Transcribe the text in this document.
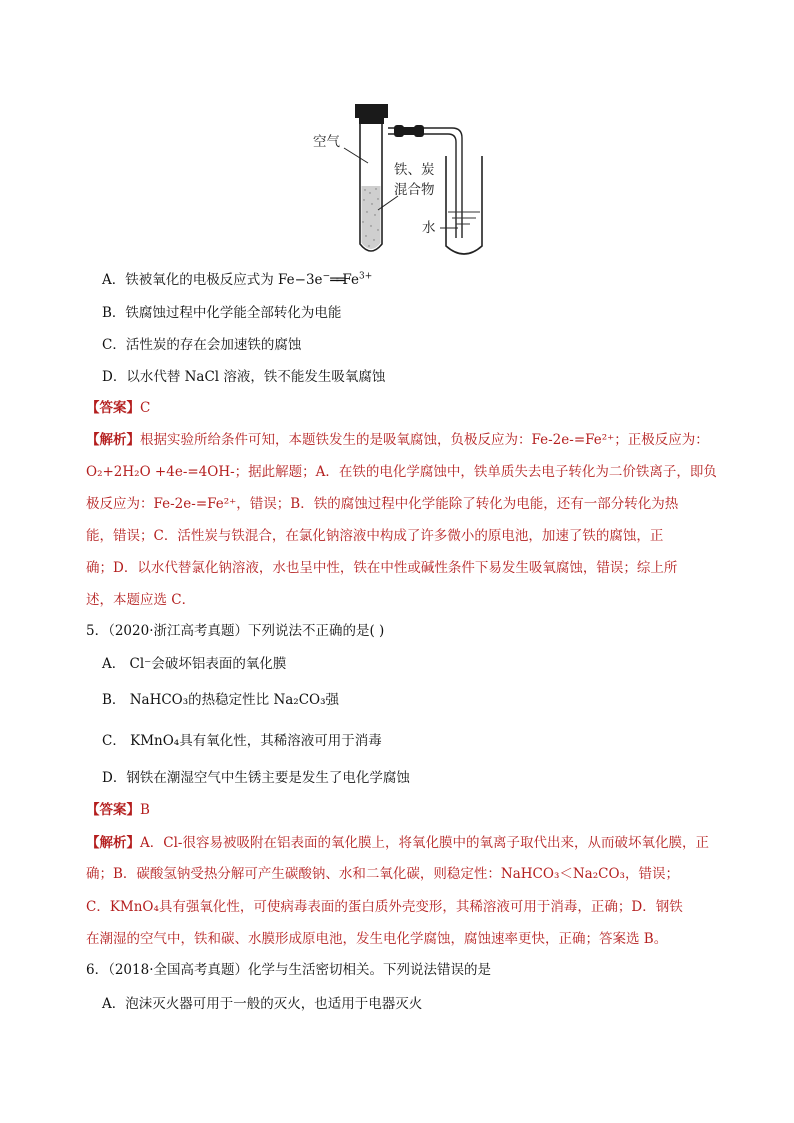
空气
铁、炭
混合物
水
A．铁被氧化的电极反应式为 $Fe-3e^-══Fe^{3+}$
B．铁腐蚀过程中化学能全部转化为电能
C．活性炭的存在会加速铁的腐蚀
D．以水代替 NaCl 溶液，铁不能发生吸氧腐蚀
【答案】C
【解析】根据实验所给条件可知，本题铁发生的是吸氧腐蚀，负极反应为：Fe-2e-=Fe²⁺；正极反应为：
O₂+2H₂O +4e-=4OH-；据此解题；A．在铁的电化学腐蚀中，铁单质失去电子转化为二价铁离子，即负
极反应为：Fe-2e-=Fe²⁺，错误；B．铁的腐蚀过程中化学能除了转化为电能，还有一部分转化为热
能，错误；C．活性炭与铁混合，在氯化钠溶液中构成了许多微小的原电池，加速了铁的腐蚀，正
确；D．以水代替氯化钠溶液，水也呈中性，铁在中性或碱性条件下易发生吸氧腐蚀，错误；综上所
述，本题应选 C．
5．（2020·浙江高考真题）下列说法不正确的是( )
A． Cl⁻会破坏铝表面的氧化膜
B． NaHCO₃的热稳定性比 Na₂CO₃强
C． KMnO₄具有氧化性，其稀溶液可用于消毒
D．钢铁在潮湿空气中生锈主要是发生了电化学腐蚀
【答案】B
【解析】A．Cl-很容易被吸附在铝表面的氧化膜上，将氧化膜中的氧离子取代出来，从而破坏氧化膜，正
确；B．碳酸氢钠受热分解可产生碳酸钠、水和二氧化碳，则稳定性：NaHCO₃＜Na₂CO₃，错误；
C．KMnO₄具有强氧化性，可使病毒表面的蛋白质外壳变形，其稀溶液可用于消毒，正确；D．钢铁
在潮湿的空气中，铁和碳、水膜形成原电池，发生电化学腐蚀，腐蚀速率更快，正确；答案选 B。
6．（2018·全国高考真题）化学与生活密切相关。下列说法错误的是
A．泡沫灭火器可用于一般的灭火，也适用于电器灭火
